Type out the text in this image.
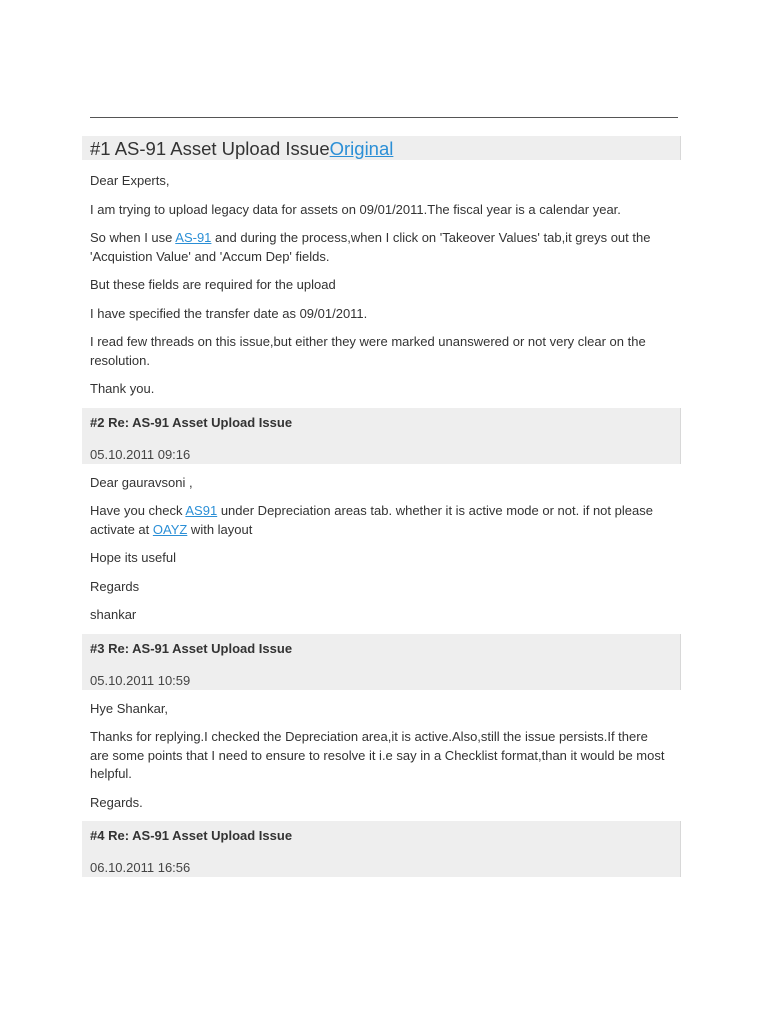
#1 AS-91 Asset Upload IssueOriginal

Dear Experts,

I am trying to upload legacy data for assets on 09/01/2011.The fiscal year is a calendar year.

So when I use AS-91 and during the process,when I click on 'Takeover Values' tab,it greys out the
'Acquistion Value' and 'Accum Dep' fields.

But these fields are required for the upload

I have specified the transfer date as 09/01/2011.

I read few threads on this issue,but either they were marked unanswered or not very clear on the
resolution.

Thank you.

#2 Re: AS-91 Asset Upload Issue
05.10.2011 09:16

Dear gauravsoni ,

Have you check AS91 under Depreciation areas tab. whether it is active mode or not. if not please
activate at OAYZ with layout

Hope its useful

Regards

shankar

#3 Re: AS-91 Asset Upload Issue
05.10.2011 10:59

Hye Shankar,

Thanks for replying.I checked the Depreciation area,it is active.Also,still the issue persists.If there
are some points that I need to ensure to resolve it i.e say in a Checklist format,than it would be most
helpful.

Regards.

#4 Re: AS-91 Asset Upload Issue
06.10.2011 16:56
